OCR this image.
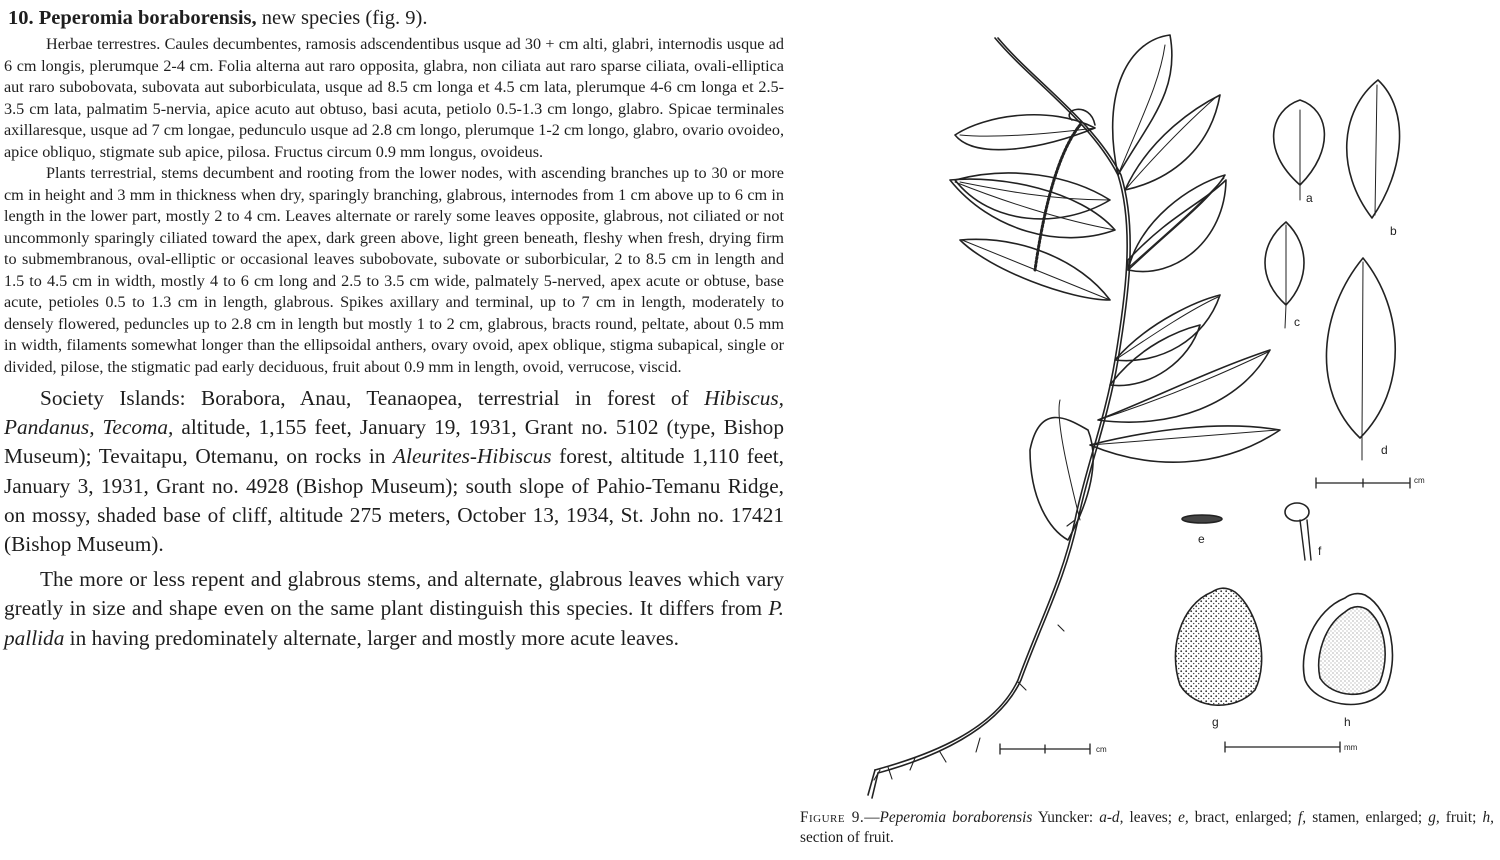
10. Peperomia boraborensis, new species (fig. 9).

Herbae terrestres. Caules decumbentes, ramosis adscendentibus usque ad 30 + cm alti, glabri, internodis usque ad 6 cm longis, plerumque 2-4 cm. Folia alterna aut raro opposita, glabra, non ciliata aut raro sparse ciliata, ovali-elliptica aut raro subobovata, subovata aut suborbiculata, usque ad 8.5 cm longa et 4.5 cm lata, plerumque 4-6 cm longa et 2.5-3.5 cm lata, palmatim 5-nervia, apice acuto aut obtuso, basi acuta, petiolo 0.5-1.3 cm longo, glabro. Spicae terminales axillaresque, usque ad 7 cm longae, pedunculo usque ad 2.8 cm longo, plerumque 1-2 cm longo, glabro, ovario ovoideo, apice obliquo, stigmate sub apice, pilosa. Fructus circum 0.9 mm longus, ovoideus.

Plants terrestrial, stems decumbent and rooting from the lower nodes, with ascending branches up to 30 or more cm in height and 3 mm in thickness when dry, sparingly branching, glabrous, internodes from 1 cm above up to 6 cm in length in the lower part, mostly 2 to 4 cm. Leaves alternate or rarely some leaves opposite, glabrous, not ciliated or not uncommonly sparingly ciliated toward the apex, dark green above, light green beneath, fleshy when fresh, drying firm to submembranous, oval-elliptic or occasional leaves subobovate, subovate or suborbicular, 2 to 8.5 cm in length and 1.5 to 4.5 cm in width, mostly 4 to 6 cm long and 2.5 to 3.5 cm wide, palmately 5-nerved, apex acute or obtuse, base acute, petioles 0.5 to 1.3 cm in length, glabrous. Spikes axillary and terminal, up to 7 cm in length, moderately to densely flowered, peduncles up to 2.8 cm in length but mostly 1 to 2 cm, glabrous, bracts round, peltate, about 0.5 mm in width, filaments somewhat longer than the ellipsoidal anthers, ovary ovoid, apex oblique, stigma subapical, single or divided, pilose, the stigmatic pad early deciduous, fruit about 0.9 mm in length, ovoid, verrucose, viscid.

Society Islands: Borabora, Anau, Teanaopea, terrestrial in forest of Hibiscus, Pandanus, Tecoma, altitude, 1,155 feet, January 19, 1931, Grant no. 5102 (type, Bishop Museum); Tevaitapu, Otemanu, on rocks in Aleurites-Hibiscus forest, altitude 1,110 feet, January 3, 1931, Grant no. 4928 (Bishop Museum); south slope of Pahio-Temanu Ridge, on mossy, shaded base of cliff, altitude 275 meters, October 13, 1934, St. John no. 17421 (Bishop Museum).

The more or less repent and glabrous stems, and alternate, glabrous leaves which vary greatly in size and shape even on the same plant distinguish this species. It differs from P. pallida in having predominately alternate, larger and mostly more acute leaves.

a
b
c
d
e
f
g	h
cm
cm	mm
Figure 9.—Peperomia boraborensis Yuncker: a-d, leaves; e, bract, enlarged; f, stamen, enlarged; g, fruit; h, section of fruit.
